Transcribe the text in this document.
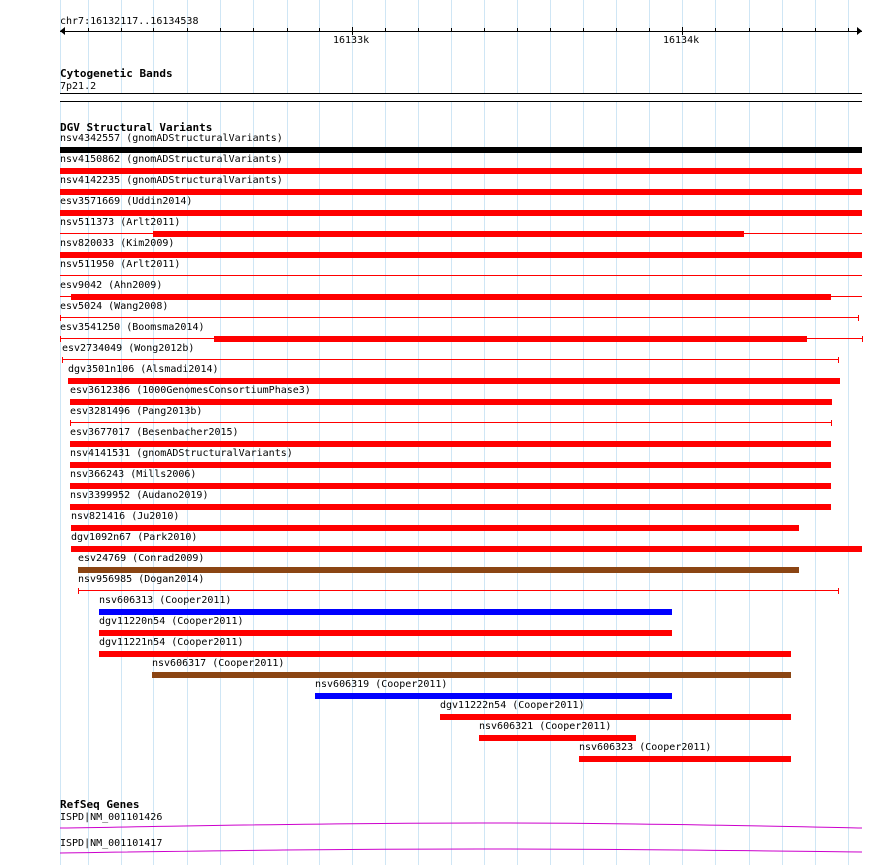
chr7:16132117..16134538
16133k	16134k
Cytogenetic Bands
7p21.2
DGV Structural Variants
nsv4342557 (gnomADStructuralVariants)
nsv4150862 (gnomADStructuralVariants)
nsv4142235 (gnomADStructuralVariants)
esv3571669 (Uddin2014)
nsv511373 (Arlt2011)
nsv820033 (Kim2009)
nsv511950 (Arlt2011)
esv9042 (Ahn2009)
esv5024 (Wang2008)
esv3541250 (Boomsma2014)
esv2734049 (Wong2012b)
dgv3501n106 (Alsmadi2014)
esv3612386 (1000GenomesConsortiumPhase3)
esv3281496 (Pang2013b)
esv3677017 (Besenbacher2015)
nsv4141531 (gnomADStructuralVariants)
nsv366243 (Mills2006)
nsv3399952 (Audano2019)
nsv821416 (Ju2010)
dgv1092n67 (Park2010)
esv24769 (Conrad2009)
nsv956985 (Dogan2014)
nsv606313 (Cooper2011)
dgv11220n54 (Cooper2011)
dgv11221n54 (Cooper2011)
nsv606317 (Cooper2011)
nsv606319 (Cooper2011)
dgv11222n54 (Cooper2011)
nsv606321 (Cooper2011)
nsv606323 (Cooper2011)
RefSeq Genes
ISPD|NM_001101426
ISPD|NM_001101417
